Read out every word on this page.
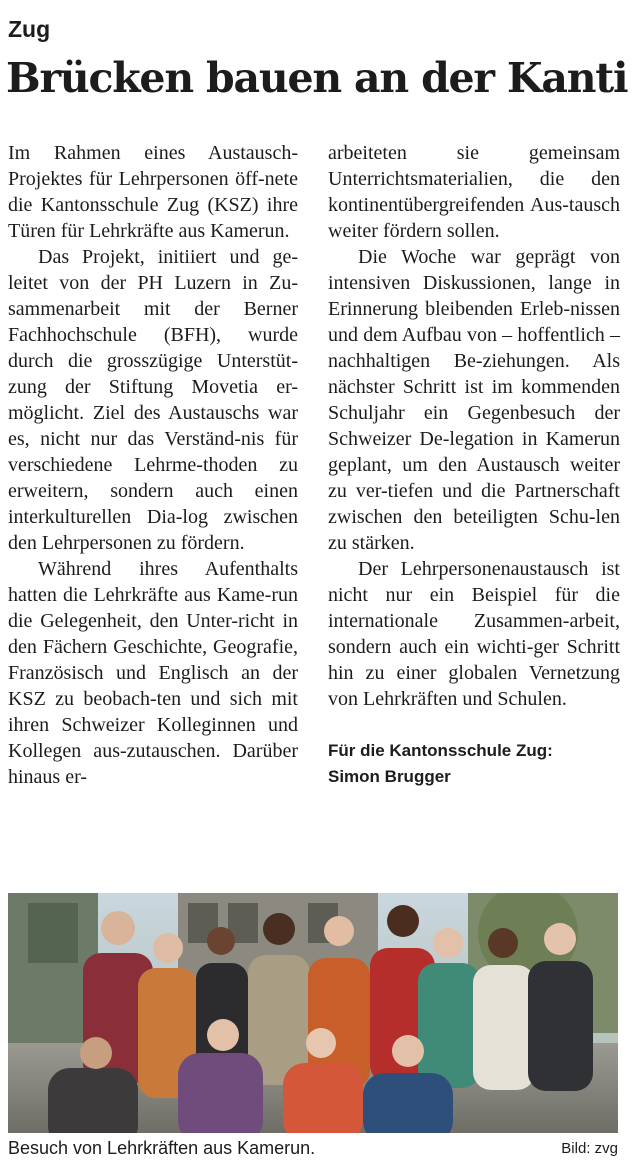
Zug
Brücken bauen an der Kanti

Im Rahmen eines Austausch-Projektes für Lehrpersonen öff-nete die Kantonsschule Zug (KSZ) ihre Türen für Lehrkräfte aus Kamerun.

Das Projekt, initiiert und ge-leitet von der PH Luzern in Zu-sammenarbeit mit der Berner Fachhochschule (BFH), wurde durch die grosszügige Unterstüt-zung der Stiftung Movetia er-möglicht. Ziel des Austauschs war es, nicht nur das Verständ-nis für verschiedene Lehrme-thoden zu erweitern, sondern auch einen interkulturellen Dia-log zwischen den Lehrpersonen zu fördern.

Während ihres Aufenthalts hatten die Lehrkräfte aus Kame-run die Gelegenheit, den Unter-richt in den Fächern Geschichte, Geografie, Französisch und Englisch an der KSZ zu beobach-ten und sich mit ihren Schweizer Kolleginnen und Kollegen aus-zutauschen. Darüber hinaus er-

arbeiteten sie gemeinsam Unterrichtsmaterialien, die den kontinentübergreifenden Aus-tausch weiter fördern sollen.

Die Woche war geprägt von intensiven Diskussionen, lange in Erinnerung bleibenden Erleb-nissen und dem Aufbau von – hoffentlich – nachhaltigen Be-ziehungen. Als nächster Schritt ist im kommenden Schuljahr ein Gegenbesuch der Schweizer De-legation in Kamerun geplant, um den Austausch weiter zu ver-tiefen und die Partnerschaft zwischen den beteiligten Schu-len zu stärken.

Der Lehrpersonenaustausch ist nicht nur ein Beispiel für die internationale Zusammen-arbeit, sondern auch ein wichti-ger Schritt hin zu einer globalen Vernetzung von Lehrkräften und Schulen.

Für die Kantonsschule Zug:
Simon Brugger
Besuch von Lehrkräften aus Kamerun.	Bild: zvg
